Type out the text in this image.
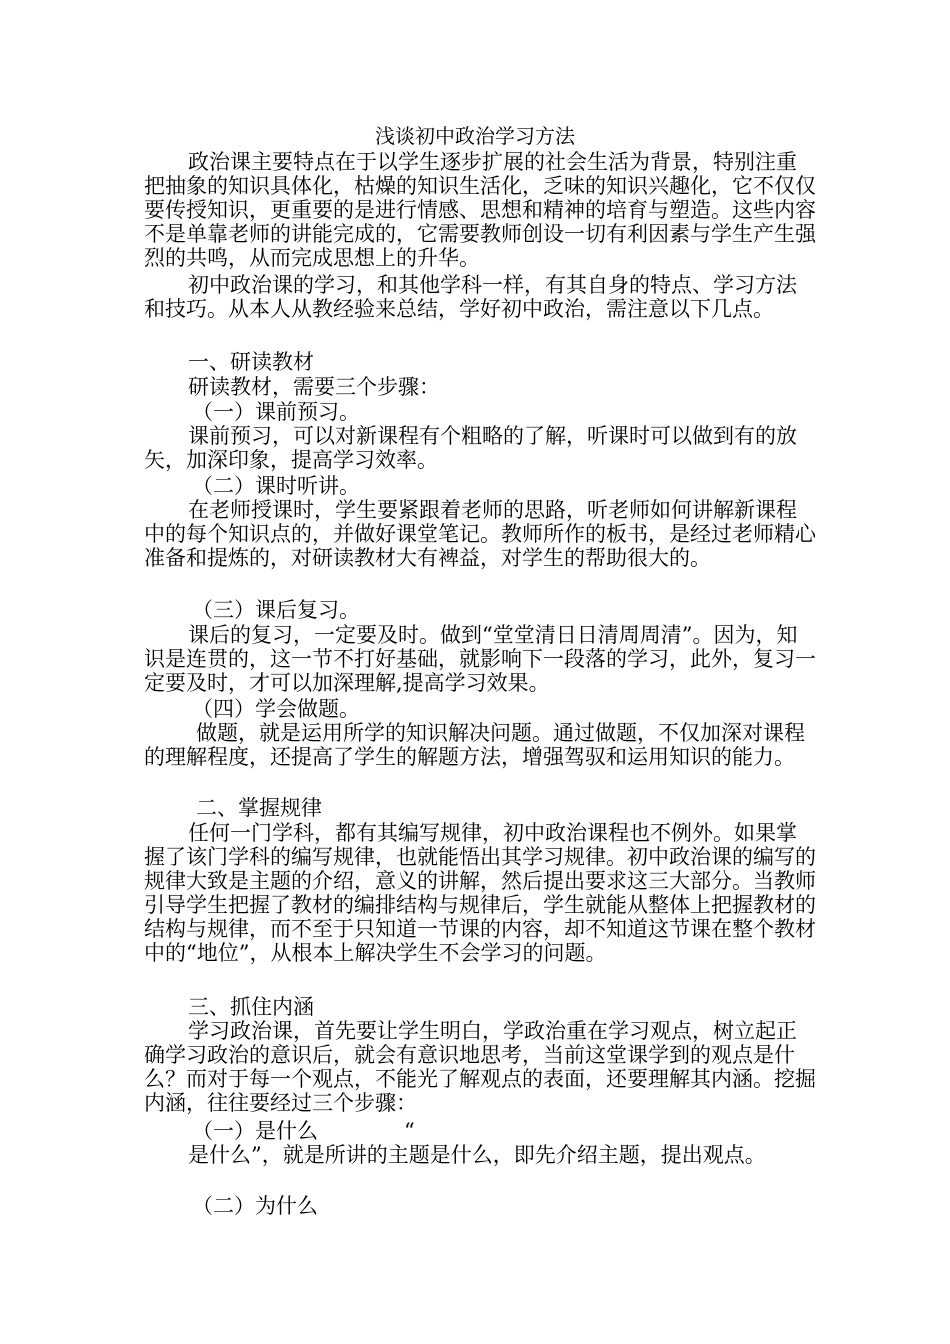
浅谈初中政治学习方法
政治课主要特点在于以学生逐步扩展的社会生活为背景，特别注重把抽象的知识具体化，枯燥的知识生活化，乏味的知识兴趣化，它不仅仅要传授知识，更重要的是进行情感、思想和精神的培育与塑造。这些内容不是单靠老师的讲能完成的，它需要教师创设一切有利因素与学生产生强烈的共鸣，从而完成思想上的升华。
初中政治课的学习，和其他学科一样，有其自身的特点、学习方法和技巧。从本人从教经验来总结，学好初中政治，需注意以下几点。
一、研读教材
研读教材，需要三个步骤：
（一）课前预习。
课前预习，可以对新课程有个粗略的了解，听课时可以做到有的放矢，加深印象，提高学习效率。
（二）课时听讲。
在老师授课时，学生要紧跟着老师的思路，听老师如何讲解新课程中的每个知识点的，并做好课堂笔记。教师所作的板书，是经过老师精心准备和提炼的，对研读教材大有裨益，对学生的帮助很大的。
（三）课后复习。
课后的复习，一定要及时。做到“堂堂清日日清周周清”。因为，知识是连贯的，这一节不打好基础，就影响下一段落的学习，此外，复习一定要及时，才可以加深理解,提高学习效果。
（四）学会做题。
做题，就是运用所学的知识解决问题。通过做题，不仅加深对课程的理解程度，还提高了学生的解题方法，增强驾驭和运用知识的能力。
二、掌握规律
任何一门学科，都有其编写规律，初中政治课程也不例外。如果掌握了该门学科的编写规律，也就能悟出其学习规律。初中政治课的编写的规律大致是主题的介绍，意义的讲解，然后提出要求这三大部分。当教师引导学生把握了教材的编排结构与规律后，学生就能从整体上把握教材的结构与规律，而不至于只知道一节课的内容，却不知道这节课在整个教材中的“地位”，从根本上解决学生不会学习的问题。
三、抓住内涵
学习政治课，首先要让学生明白，学政治重在学习观点，树立起正确学习政治的意识后，就会有意识地思考，当前这堂课学到的观点是什么？而对于每一个观点，不能光了解观点的表面，还要理解其内涵。挖掘内涵，往往要经过三个步骤：
（一）是什么	“
是什么”，就是所讲的主题是什么，即先介绍主题，提出观点。
（二）为什么
